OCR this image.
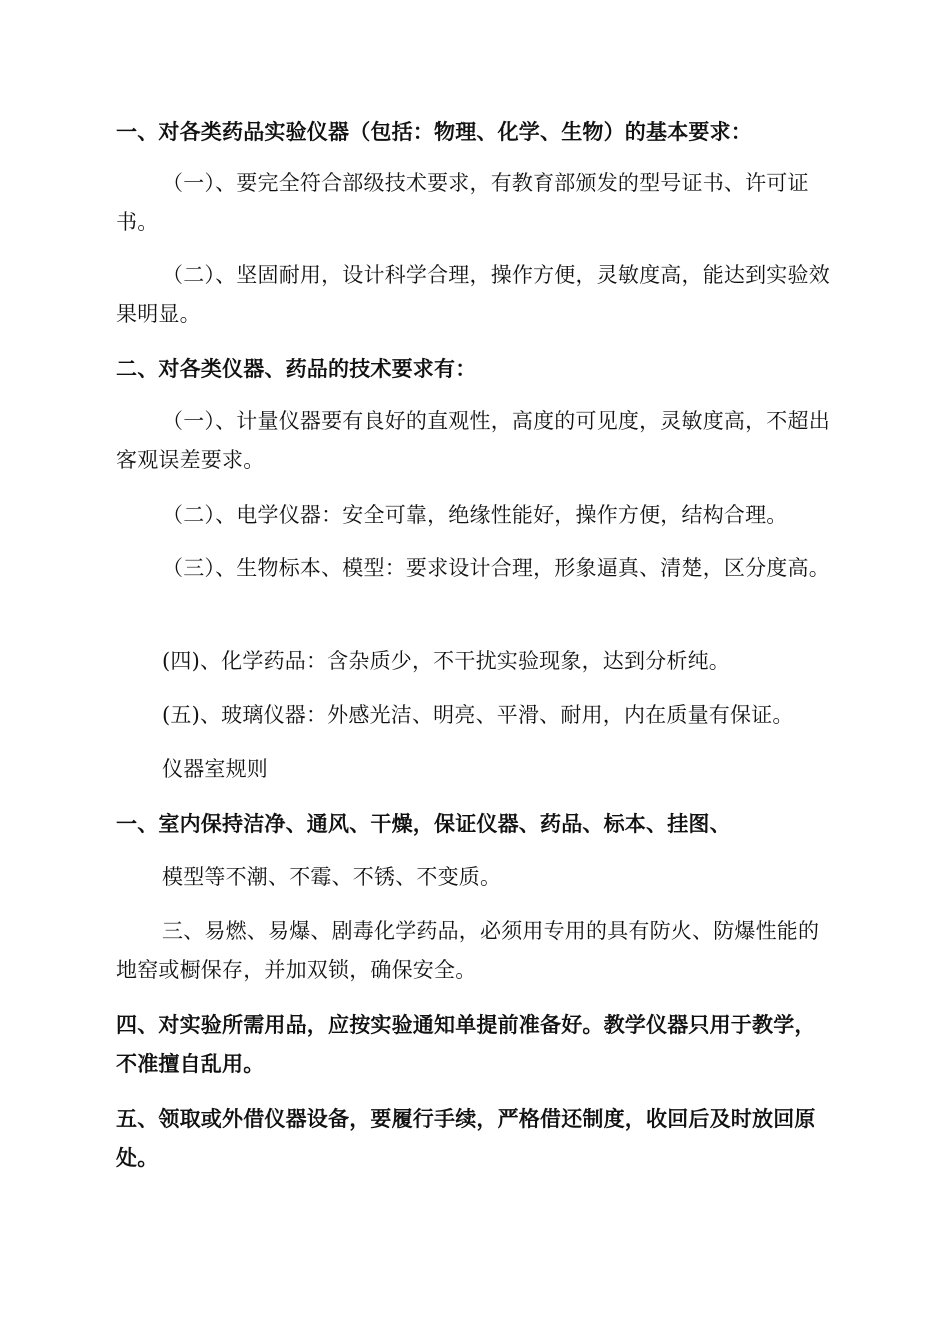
一、对各类药品实验仪器（包括：物理、化学、生物）的基本要求：

（一）、要完全符合部级技术要求，有教育部颁发的型号证书、许可证书。

（二）、坚固耐用，设计科学合理，操作方便，灵敏度高，能达到实验效果明显。

二、对各类仪器、药品的技术要求有：

（一）、计量仪器要有良好的直观性，高度的可见度，灵敏度高，不超出客观误差要求。

（二）、电学仪器：安全可靠，绝缘性能好，操作方便，结构合理。

（三）、生物标本、模型：要求设计合理，形象逼真、清楚，区分度高。

(四)、化学药品：含杂质少，不干扰实验现象，达到分析纯。

(五)、玻璃仪器：外感光洁、明亮、平滑、耐用，内在质量有保证。

仪器室规则

一、室内保持洁净、通风、干燥，保证仪器、药品、标本、挂图、

模型等不潮、不霉、不锈、不变质。

三、易燃、易爆、剧毒化学药品，必须用专用的具有防火、防爆性能的地窑或橱保存，并加双锁，确保安全。

四、对实验所需用品，应按实验通知单提前准备好。教学仪器只用于教学，不准擅自乱用。

五、领取或外借仪器设备，要履行手续，严格借还制度，收回后及时放回原处。
